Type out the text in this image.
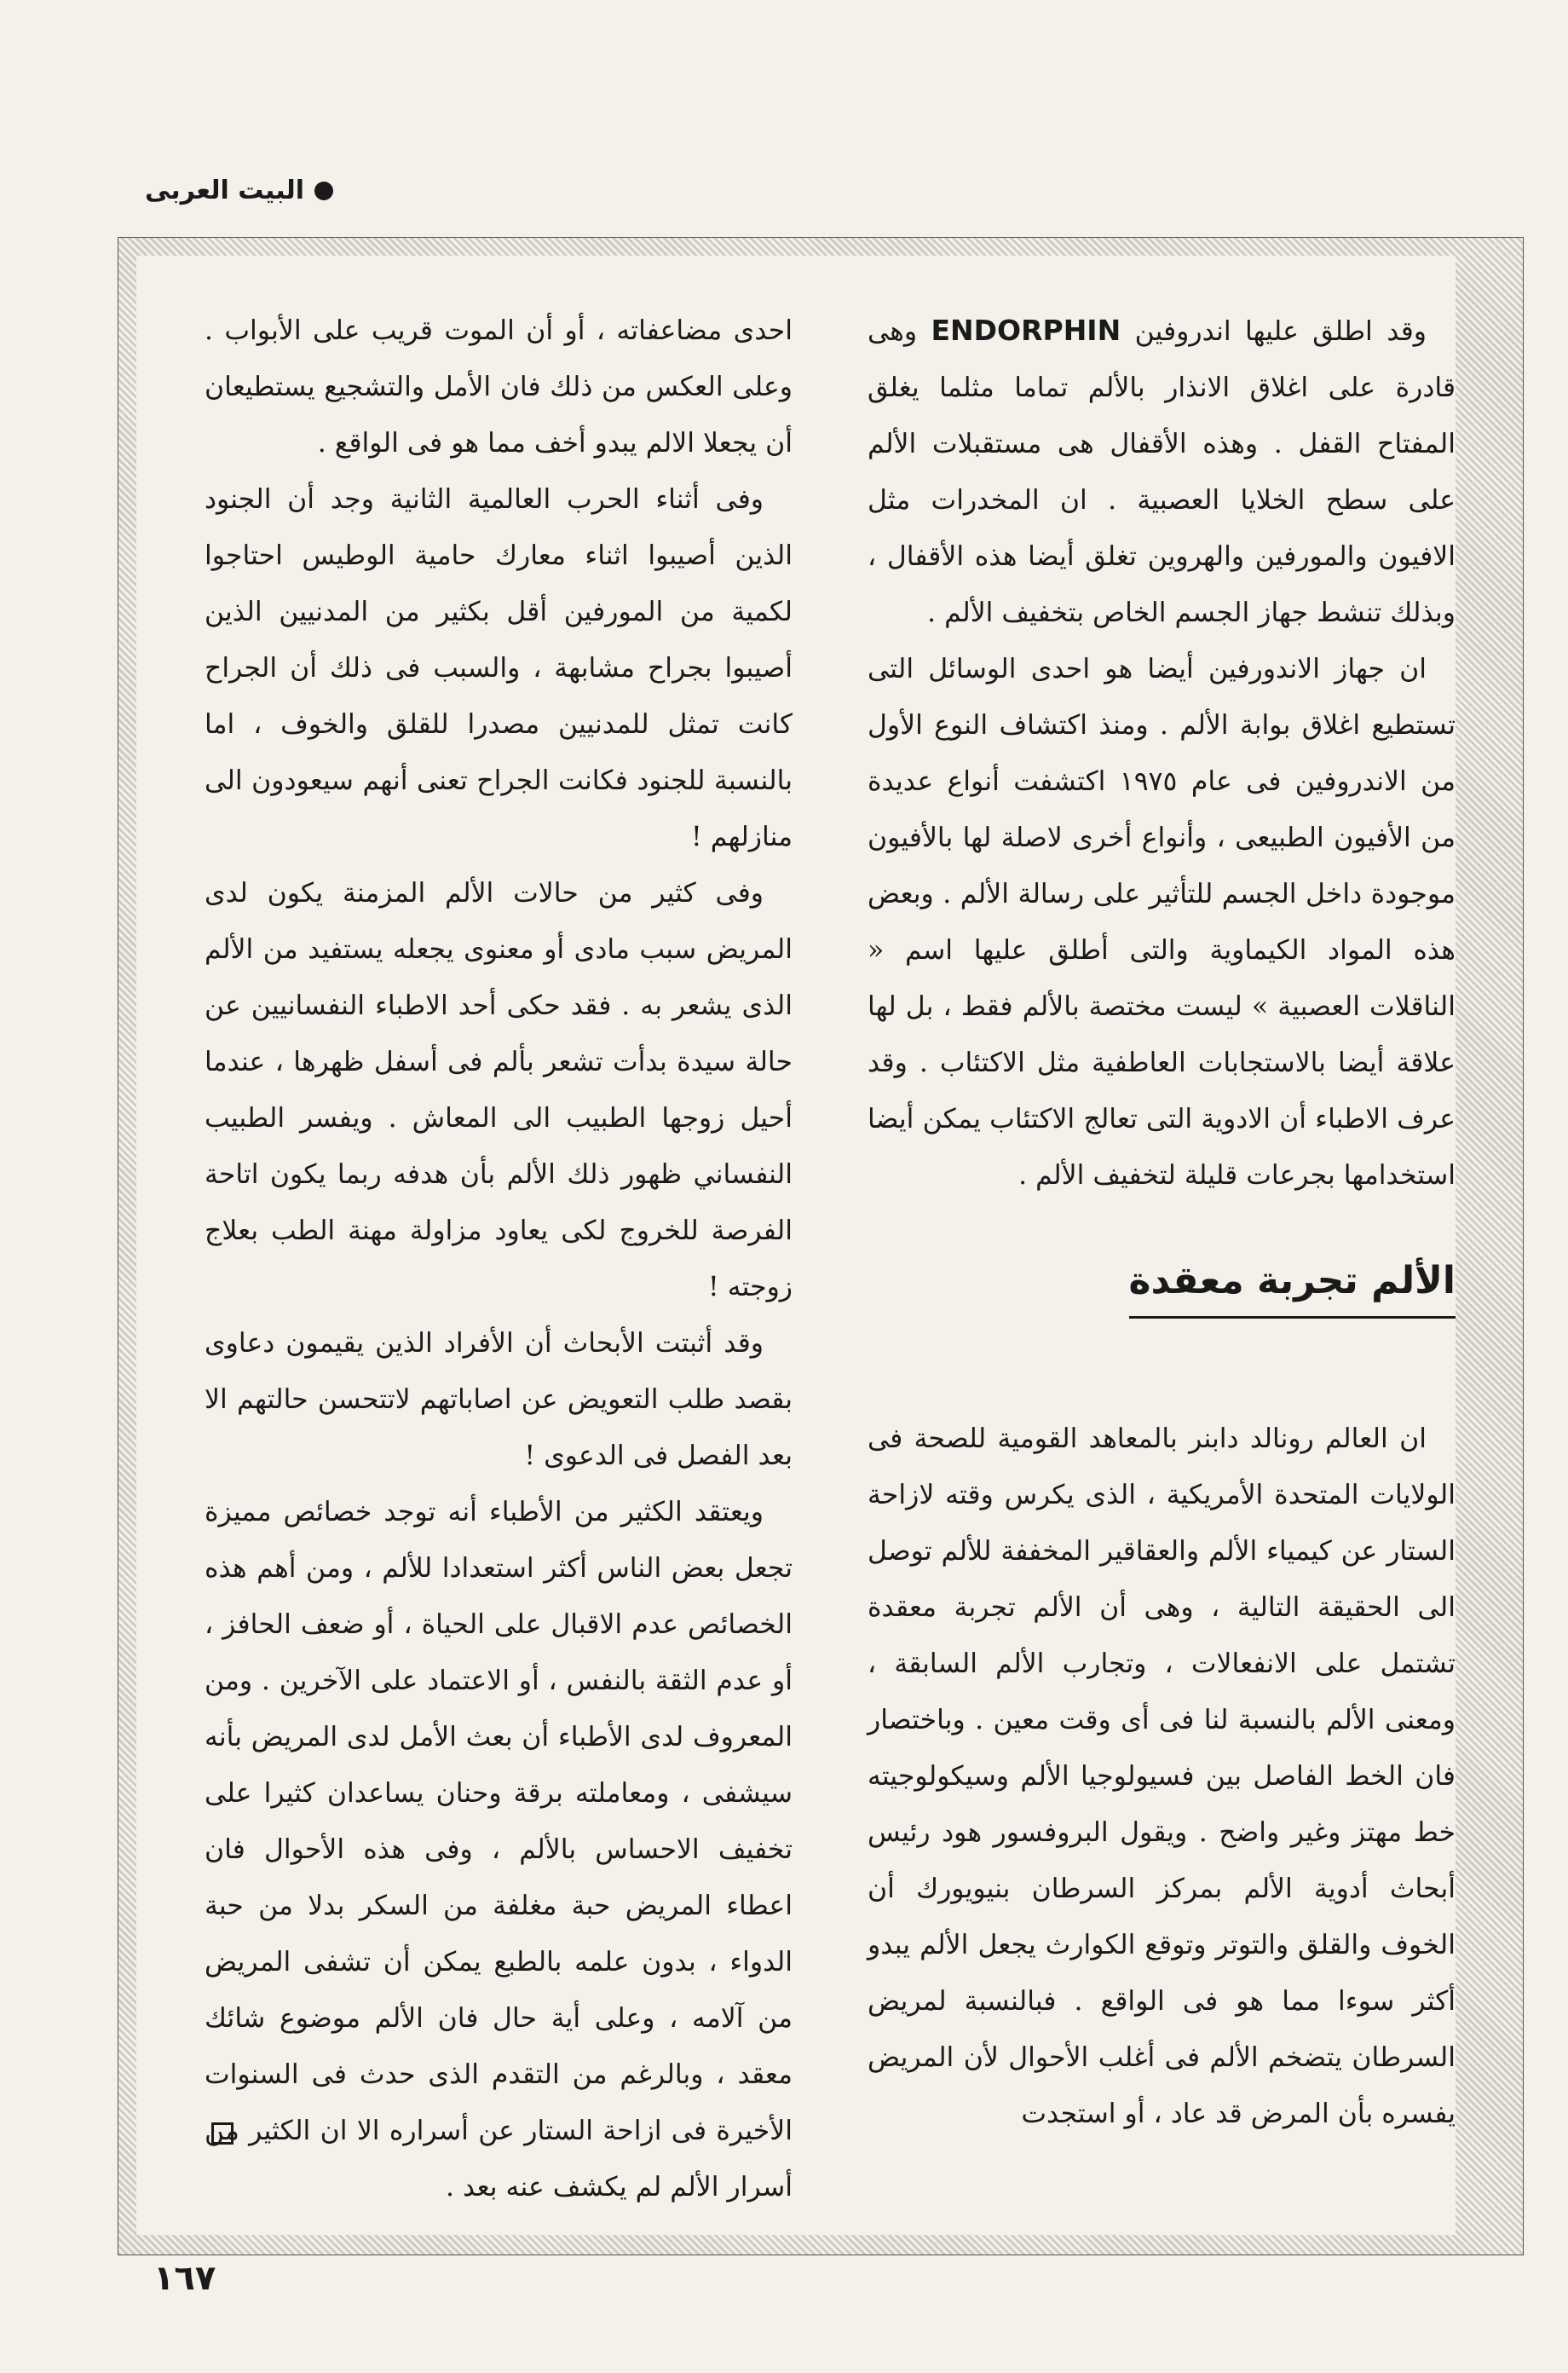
البيت العربى

وقد اطلق عليها اندروفين ENDORPHIN وهى قادرة على اغلاق الانذار بالألم تماما مثلما يغلق المفتاح القفل . وهذه الأقفال هى مستقبلات الألم على سطح الخلايا العصبية . ان المخدرات مثل الافيون والمورفين والهروين تغلق أيضا هذه الأقفال ، وبذلك تنشط جهاز الجسم الخاص بتخفيف الألم .

ان جهاز الاندورفين أيضا هو احدى الوسائل التى تستطيع اغلاق بوابة الألم . ومنذ اكتشاف النوع الأول من الاندروفين فى عام ١٩٧٥ اكتشفت أنواع عديدة من الأفيون الطبيعى ، وأنواع أخرى لاصلة لها بالأفيون موجودة داخل الجسم للتأثير على رسالة الألم . وبعض هذه المواد الكيماوية والتى أطلق عليها اسم « الناقلات العصبية » ليست مختصة بالألم فقط ، بل لها علاقة أيضا بالاستجابات العاطفية مثل الاكتئاب . وقد عرف الاطباء أن الادوية التى تعالج الاكتئاب يمكن أيضا استخدامها بجرعات قليلة لتخفيف الألم .

الألم تجربة معقدة

ان العالم رونالد دابنر بالمعاهد القومية للصحة فى الولايات المتحدة الأمريكية ، الذى يكرس وقته لازاحة الستار عن كيمياء الألم والعقاقير المخففة للألم توصل الى الحقيقة التالية ، وهى أن الألم تجربة معقدة تشتمل على الانفعالات ، وتجارب الألم السابقة ، ومعنى الألم بالنسبة لنا فى أى وقت معين . وباختصار فان الخط الفاصل بين فسيولوجيا الألم وسيكولوجيته خط مهتز وغير واضح . ويقول البروفسور هود رئيس أبحاث أدوية الألم بمركز السرطان بنيويورك أن الخوف والقلق والتوتر وتوقع الكوارث يجعل الألم يبدو أكثر سوءا مما هو فى الواقع . فبالنسبة لمريض السرطان يتضخم الألم فى أغلب الأحوال لأن المريض يفسره بأن المرض قد عاد ، أو استجدت

احدى مضاعفاته ، أو أن الموت قريب على الأبواب . وعلى العكس من ذلك فان الأمل والتشجيع يستطيعان أن يجعلا الالم يبدو أخف مما هو فى الواقع .

وفى أثناء الحرب العالمية الثانية وجد أن الجنود الذين أصيبوا اثناء معارك حامية الوطيس احتاجوا لكمية من المورفين أقل بكثير من المدنيين الذين أصيبوا بجراح مشابهة ، والسبب فى ذلك أن الجراح كانت تمثل للمدنيين مصدرا للقلق والخوف ، اما بالنسبة للجنود فكانت الجراح تعنى أنهم سيعودون الى منازلهم !

وفى كثير من حالات الألم المزمنة يكون لدى المريض سبب مادى أو معنوى يجعله يستفيد من الألم الذى يشعر به . فقد حكى أحد الاطباء النفسانيين عن حالة سيدة بدأت تشعر بألم فى أسفل ظهرها ، عندما أحيل زوجها الطبيب الى المعاش . ويفسر الطبيب النفساني ظهور ذلك الألم بأن هدفه ربما يكون اتاحة الفرصة للخروج لكى يعاود مزاولة مهنة الطب بعلاج زوجته !

وقد أثبتت الأبحاث أن الأفراد الذين يقيمون دعاوى بقصد طلب التعويض عن اصاباتهم لاتتحسن حالتهم الا بعد الفصل فى الدعوى !

ويعتقد الكثير من الأطباء أنه توجد خصائص مميزة تجعل بعض الناس أكثر استعدادا للألم ، ومن أهم هذه الخصائص عدم الاقبال على الحياة ، أو ضعف الحافز ، أو عدم الثقة بالنفس ، أو الاعتماد على الآخرين . ومن المعروف لدى الأطباء أن بعث الأمل لدى المريض بأنه سيشفى ، ومعاملته برقة وحنان يساعدان كثيرا على تخفيف الاحساس بالألم ، وفى هذه الأحوال فان اعطاء المريض حبة مغلفة من السكر بدلا من حبة الدواء ، بدون علمه بالطبع يمكن أن تشفى المريض من آلامه ، وعلى أية حال فان الألم موضوع شائك معقد ، وبالرغم من التقدم الذى حدث فى السنوات الأخيرة فى ازاحة الستار عن أسراره الا ان الكثير من أسرار الألم لم يكشف عنه بعد .

١٦٧
